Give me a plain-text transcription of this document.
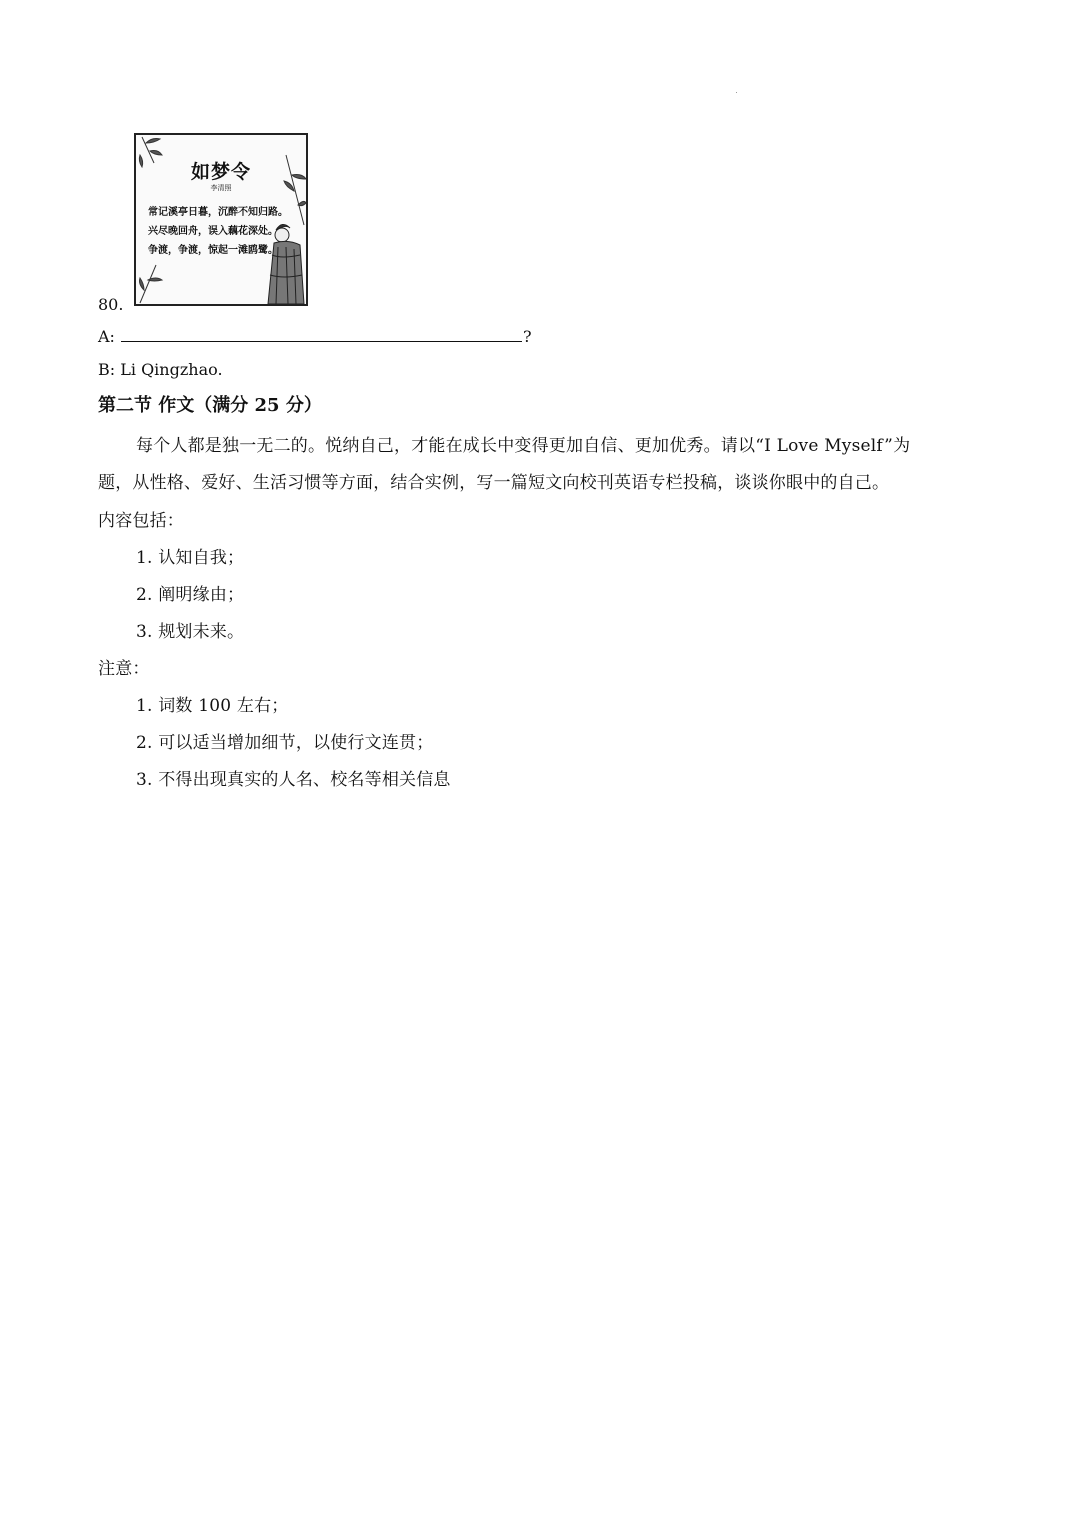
如梦令
李清照
常记溪亭日暮，沉醉不知归路。
兴尽晚回舟，误入藕花深处。
争渡，争渡，惊起一滩鸥鹭。
80.
A:	?
B: Li Qingzhao.
第二节 作文（满分 25 分）
每个人都是独一无二的。悦纳自己，才能在成长中变得更加自信、更加优秀。请以“I Love Myself”为
题，从性格、爱好、生活习惯等方面，结合实例，写一篇短文向校刊英语专栏投稿，谈谈你眼中的自己。
内容包括：
1. 认知自我；
2. 阐明缘由；
3. 规划未来。
注意：
1. 词数 100 左右；
2. 可以适当增加细节，以使行文连贯；
3. 不得出现真实的人名、校名等相关信息
